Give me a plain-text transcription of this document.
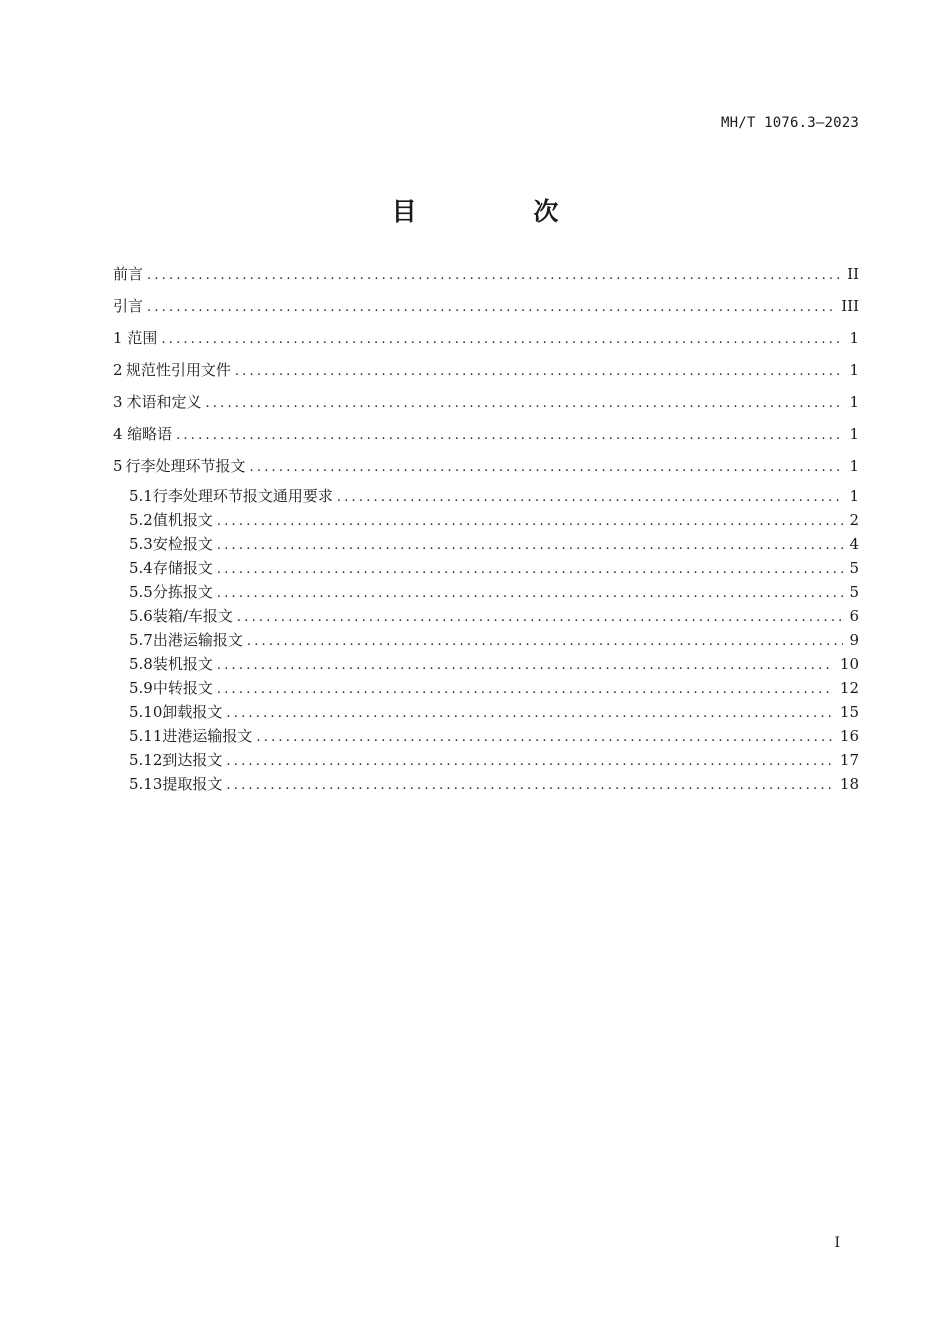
MH/T 1076.3—2023
目 次
前言 .....	II
引言 .....	III
1 范围 .....	1
2 规范性引用文件 .....	1
3 术语和定义 .....	1
4 缩略语 .....	1
5 行李处理环节报文 .....	1
5.1 行李处理环节报文通用要求 .....	1
5.2 值机报文 .....	2
5.3 安检报文 .....	4
5.4 存储报文 .....	5
5.5 分拣报文 .....	5
5.6 装箱/车报文 .....	6
5.7 出港运输报文 .....	9
5.8 装机报文 .....	10
5.9 中转报文 .....	12
5.10 卸载报文 .....	15
5.11 进港运输报文 .....	16
5.12 到达报文 .....	17
5.13 提取报文 .....	18
I
